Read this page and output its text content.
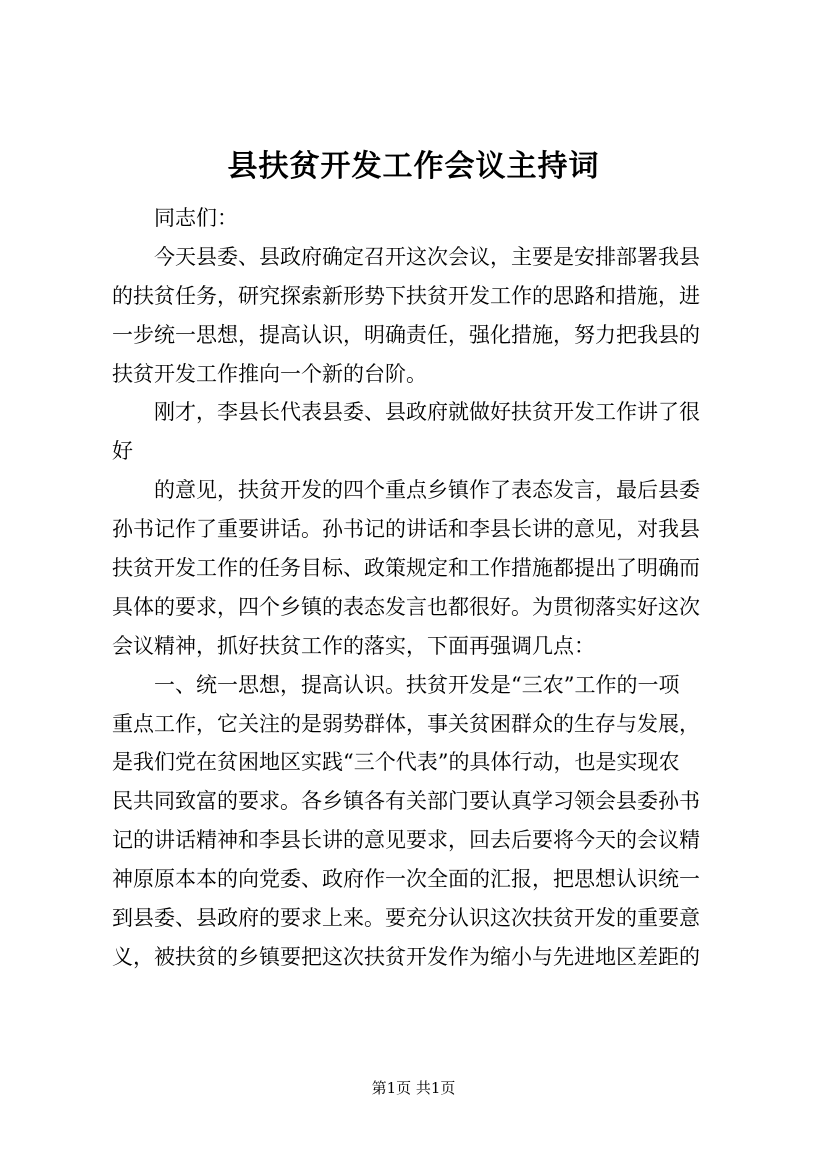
县扶贫开发工作会议主持词
　　同志们：
　　今天县委、县政府确定召开这次会议，主要是安排部署我县
的扶贫任务，研究探索新形势下扶贫开发工作的思路和措施，进
一步统一思想，提高认识，明确责任，强化措施，努力把我县的
扶贫开发工作推向一个新的台阶。
　　刚才，李县长代表县委、县政府就做好扶贫开发工作讲了很
好
　　的意见，扶贫开发的四个重点乡镇作了表态发言，最后县委
孙书记作了重要讲话。孙书记的讲话和李县长讲的意见，对我县
扶贫开发工作的任务目标、政策规定和工作措施都提出了明确而
具体的要求，四个乡镇的表态发言也都很好。为贯彻落实好这次
会议精神，抓好扶贫工作的落实，下面再强调几点：
　　一、统一思想，提高认识。扶贫开发是“三农”工作的一项
重点工作，它关注的是弱势群体，事关贫困群众的生存与发展，
是我们党在贫困地区实践“三个代表”的具体行动，也是实现农
民共同致富的要求。各乡镇各有关部门要认真学习领会县委孙书
记的讲话精神和李县长讲的意见要求，回去后要将今天的会议精
神原原本本的向党委、政府作一次全面的汇报，把思想认识统一
到县委、县政府的要求上来。要充分认识这次扶贫开发的重要意
义，被扶贫的乡镇要把这次扶贫开发作为缩小与先进地区差距的
第1页 共1页
